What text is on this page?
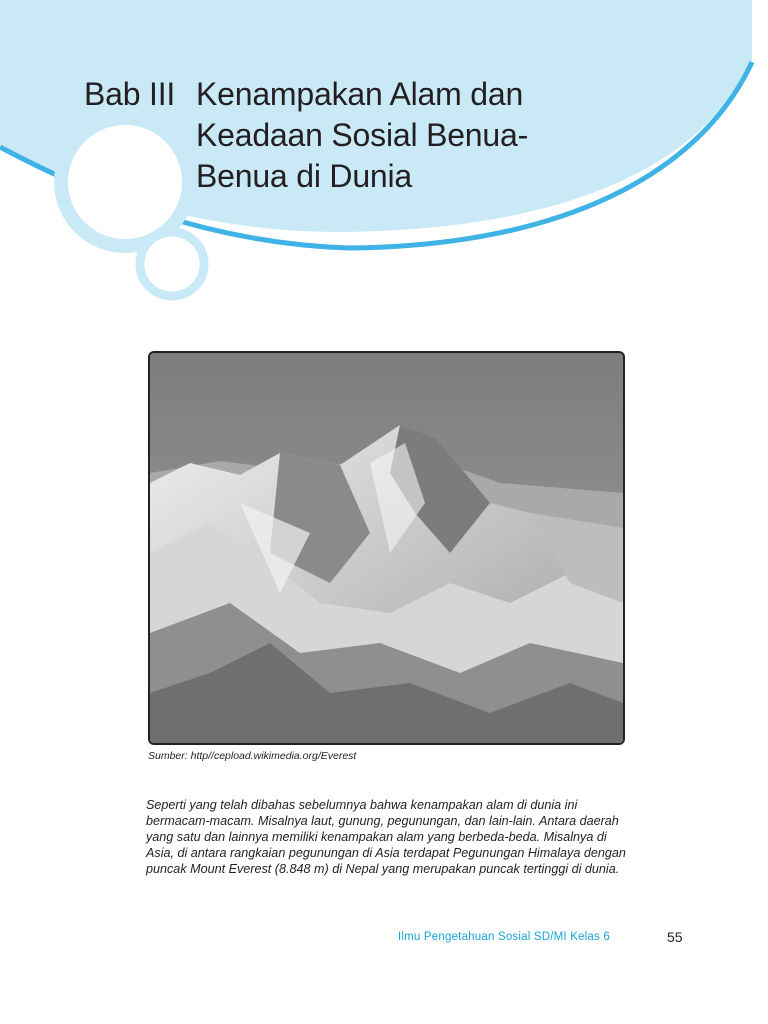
Bab III Kenampakan Alam dan
Keadaan Sosial Benua-
Benua di Dunia
Sumber: http//cepload.wikimedia.org/Everest

Seperti yang telah dibahas sebelumnya bahwa kenampakan alam di dunia ini bermacam-macam. Misalnya laut, gunung, pegunungan, dan lain-lain. Antara daerah yang satu dan lainnya memiliki kenampakan alam yang berbeda-beda. Misalnya di Asia, di antara rangkaian pegunungan di Asia terdapat Pegunungan Himalaya dengan puncak Mount Everest (8.848 m) di Nepal yang merupakan puncak tertinggi di dunia.

Ilmu Pengetahuan Sosial SD/MI Kelas 6	55
